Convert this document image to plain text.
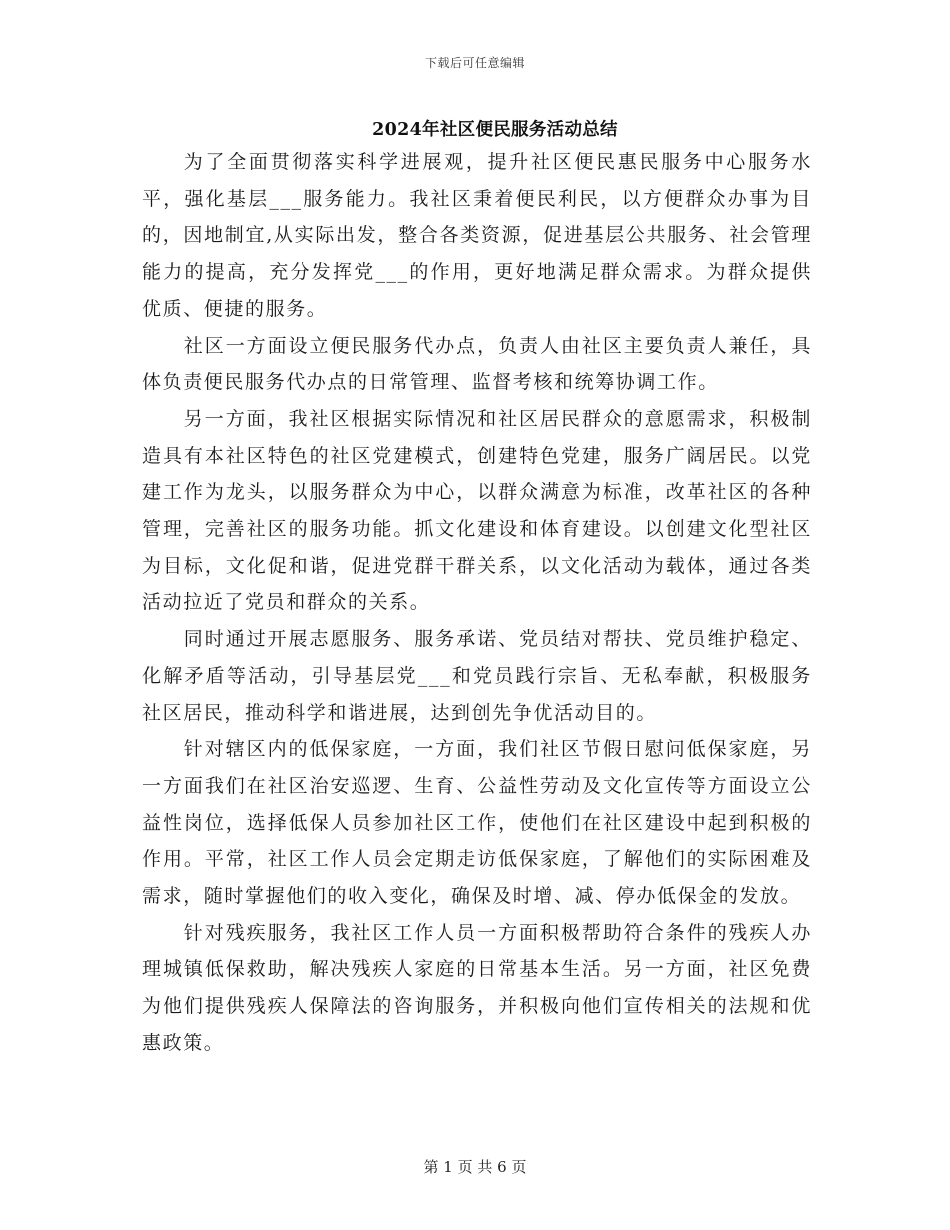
下载后可任意编辑
2024年社区便民服务活动总结

为了全面贯彻落实科学进展观，提升社区便民惠民服务中心服务水平，强化基层___服务能力。我社区秉着便民利民，以方便群众办事为目的，因地制宜,从实际出发，整合各类资源，促进基层公共服务、社会管理能力的提高，充分发挥党___的作用，更好地满足群众需求。为群众提供优质、便捷的服务。

社区一方面设立便民服务代办点，负责人由社区主要负责人兼任，具体负责便民服务代办点的日常管理、监督考核和统筹协调工作。

另一方面，我社区根据实际情况和社区居民群众的意愿需求，积极制造具有本社区特色的社区党建模式，创建特色党建，服务广阔居民。以党建工作为龙头，以服务群众为中心，以群众满意为标准，改革社区的各种管理，完善社区的服务功能。抓文化建设和体育建设。以创建文化型社区为目标，文化促和谐，促进党群干群关系，以文化活动为载体，通过各类活动拉近了党员和群众的关系。

同时通过开展志愿服务、服务承诺、党员结对帮扶、党员维护稳定、化解矛盾等活动，引导基层党___和党员践行宗旨、无私奉献，积极服务社区居民，推动科学和谐进展，达到创先争优活动目的。

针对辖区内的低保家庭，一方面，我们社区节假日慰问低保家庭，另一方面我们在社区治安巡逻、生育、公益性劳动及文化宣传等方面设立公益性岗位，选择低保人员参加社区工作，使他们在社区建设中起到积极的作用。平常，社区工作人员会定期走访低保家庭，了解他们的实际困难及需求，随时掌握他们的收入变化，确保及时增、减、停办低保金的发放。

针对残疾服务，我社区工作人员一方面积极帮助符合条件的残疾人办理城镇低保救助，解决残疾人家庭的日常基本生活。另一方面，社区免费为他们提供残疾人保障法的咨询服务，并积极向他们宣传相关的法规和优惠政策。

第 1 页 共 6 页
